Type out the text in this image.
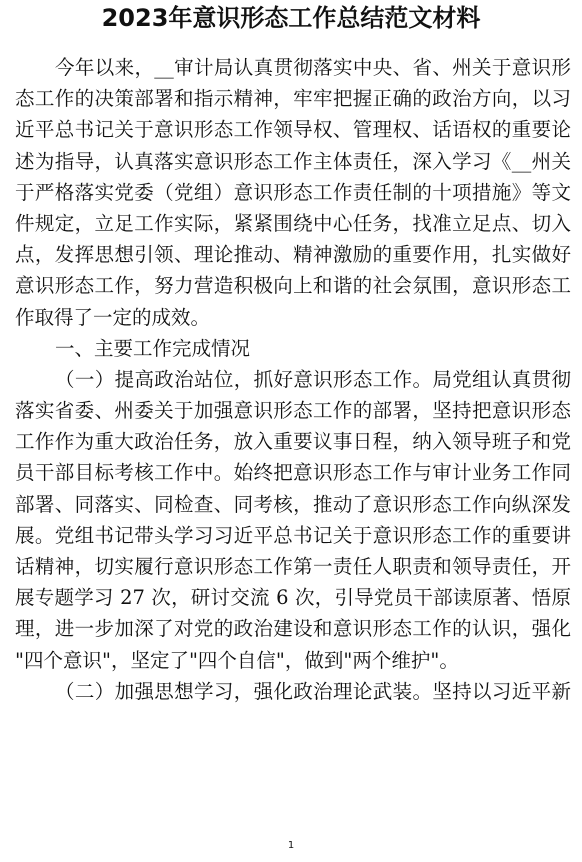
2023年意识形态工作总结范文材料
今年以来，__审计局认真贯彻落实中央、省、州关于意识形
态工作的决策部署和指示精神，牢牢把握正确的政治方向，以习
近平总书记关于意识形态工作领导权、管理权、话语权的重要论
述为指导，认真落实意识形态工作主体责任，深入学习《__州关
于严格落实党委（党组）意识形态工作责任制的十项措施》等文
件规定，立足工作实际，紧紧围绕中心任务，找准立足点、切入
点，发挥思想引领、理论推动、精神激励的重要作用，扎实做好
意识形态工作，努力营造积极向上和谐的社会氛围，意识形态工
作取得了一定的成效。
一、主要工作完成情况
（一）提高政治站位，抓好意识形态工作。局党组认真贯彻
落实省委、州委关于加强意识形态工作的部署，坚持把意识形态
工作作为重大政治任务，放入重要议事日程，纳入领导班子和党
员干部目标考核工作中。始终把意识形态工作与审计业务工作同
部署、同落实、同检查、同考核，推动了意识形态工作向纵深发
展。党组书记带头学习习近平总书记关于意识形态工作的重要讲
话精神，切实履行意识形态工作第一责任人职责和领导责任，开
展专题学习 27 次，研讨交流 6 次，引导党员干部读原著、悟原
理，进一步加深了对党的政治建设和意识形态工作的认识，强化
"四个意识"，坚定了"四个自信"，做到"两个维护"。
（二）加强思想学习，强化政治理论武装。坚持以习近平新
1
